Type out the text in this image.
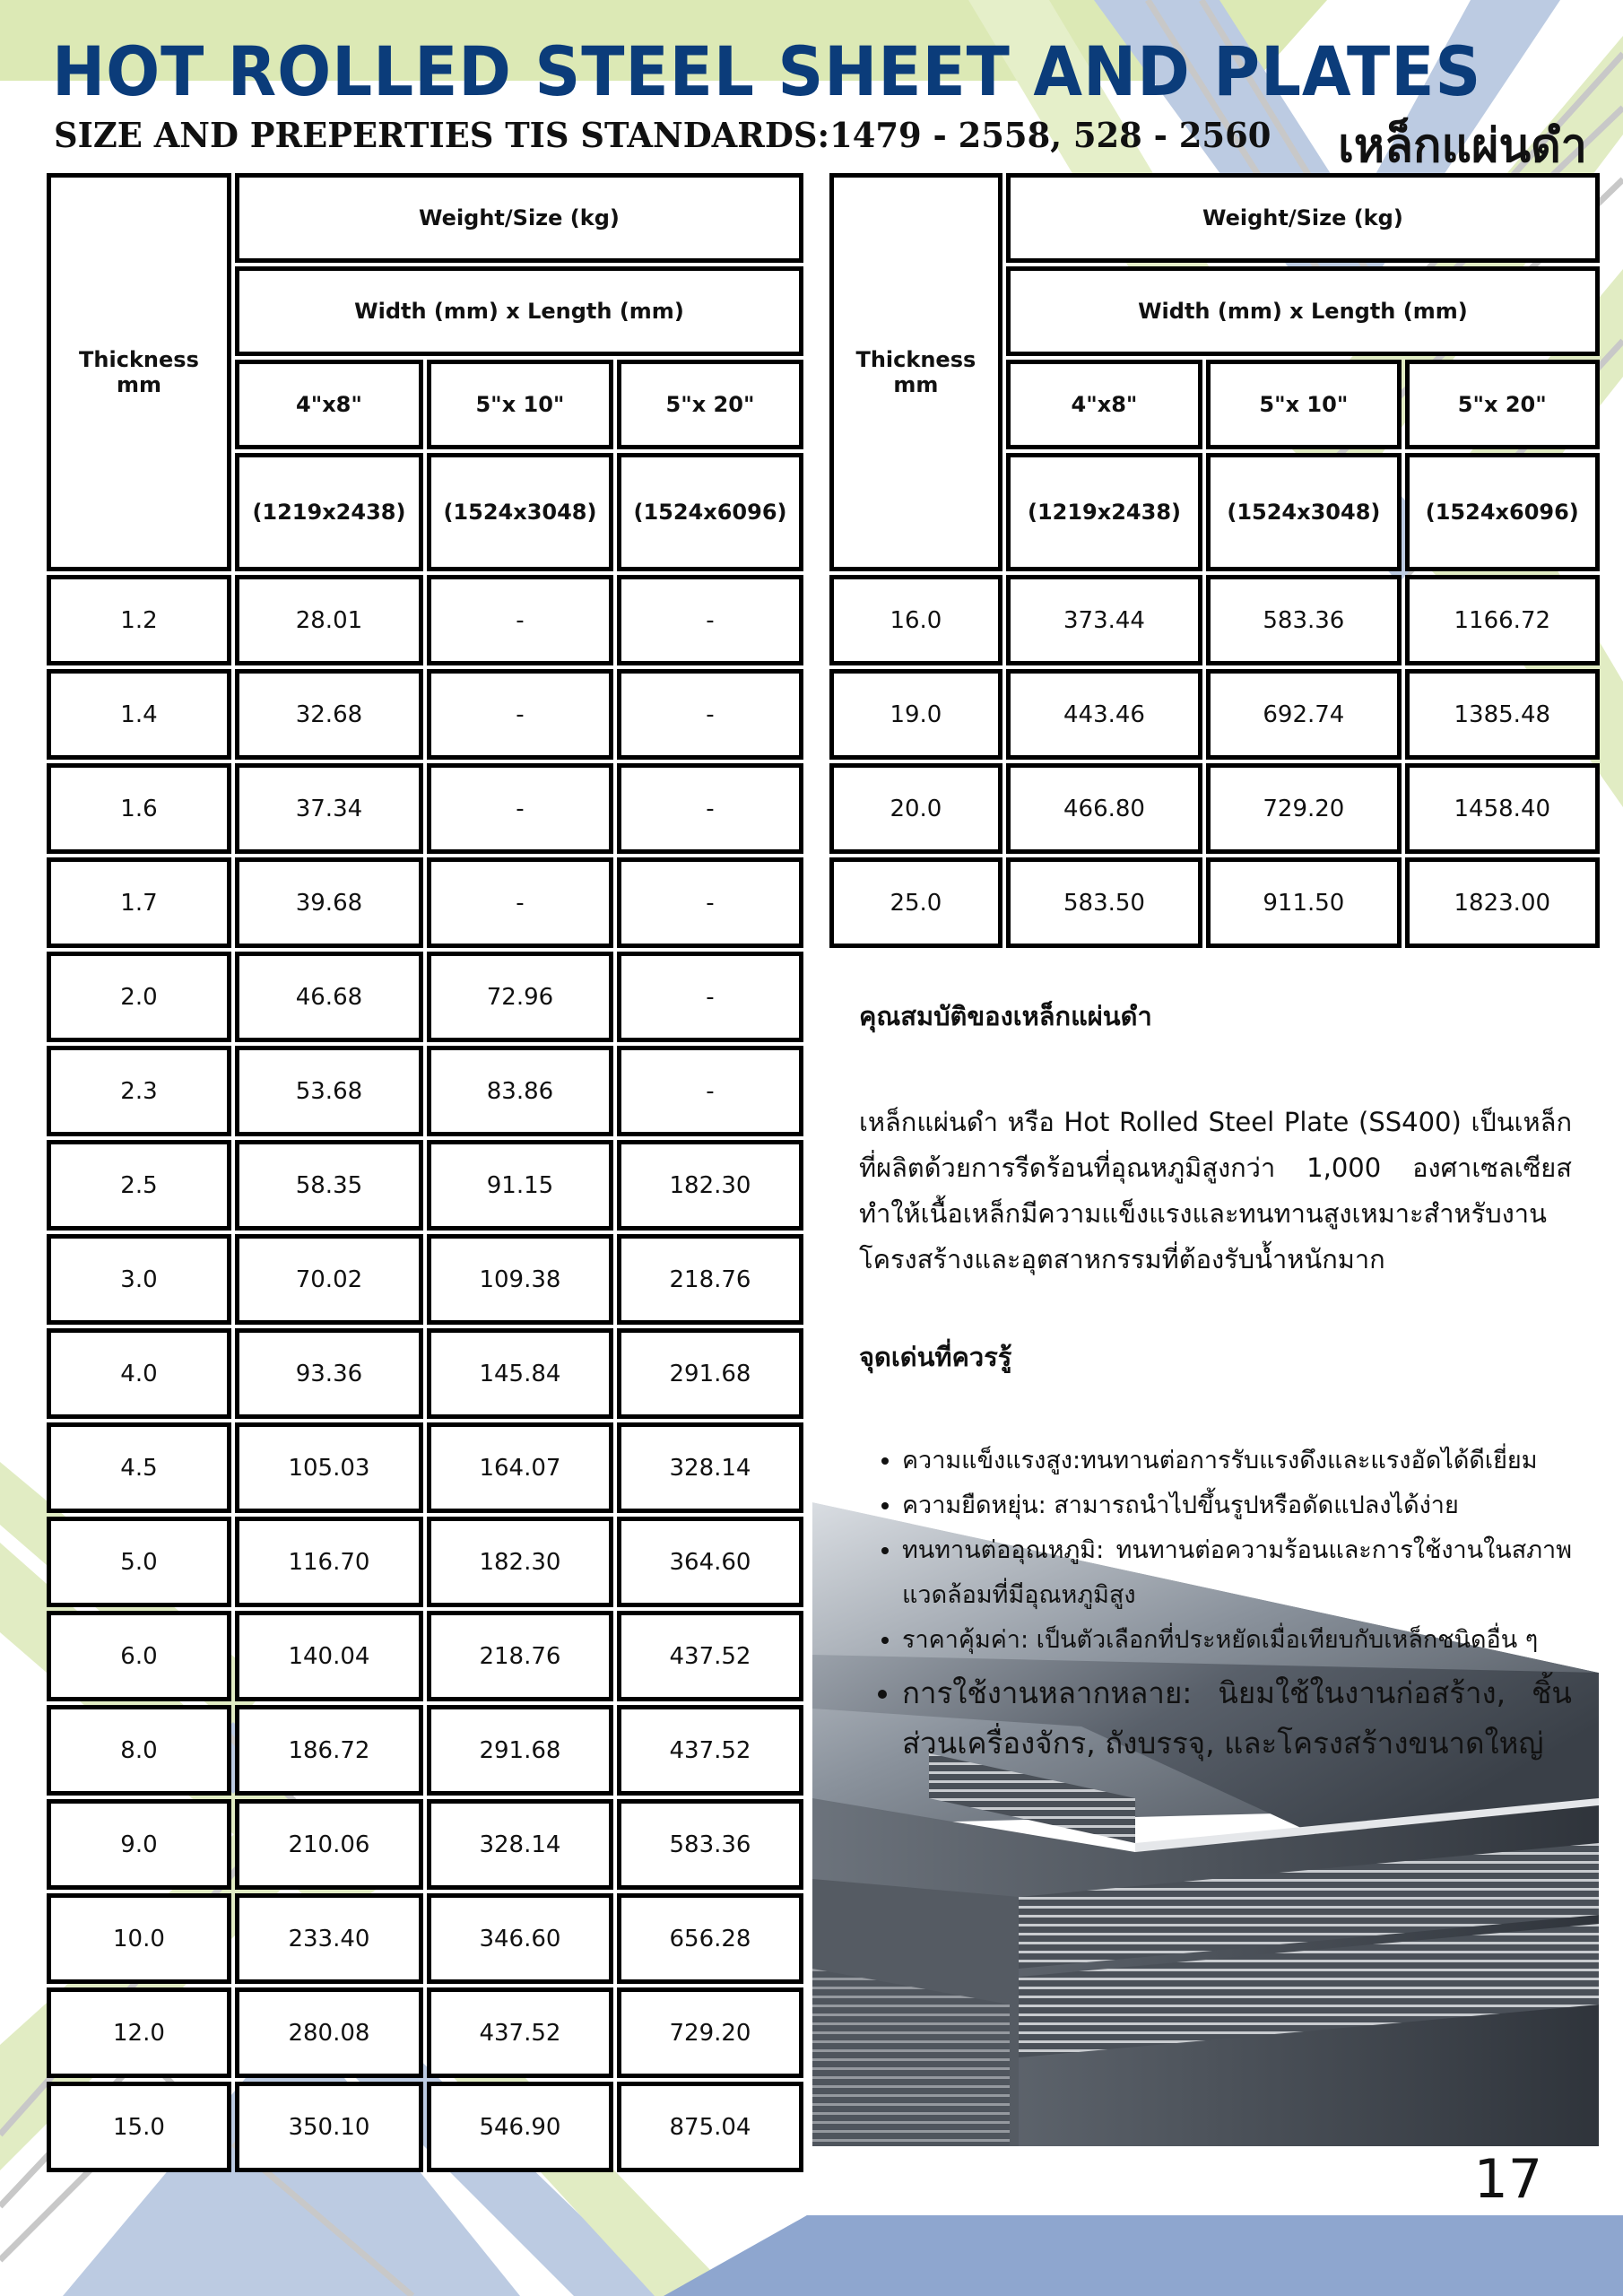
HOT ROLLED STEEL SHEET AND PLATES

SIZE AND PREPERTIES TIS STANDARDS:1479 - 2558, 528 - 2560 เหล็กแผ่นดำ
Thickness
mm	Weight/Size (kg)		
	Width (mm) x Length (mm)		
	4"x8"	5"x 10"	5"x 20"
	(1219x2438)	(1524x3048)	(1524x6096)
1.2	28.01	-	-
1.4	32.68	-	-
1.6	37.34	-	-
1.7	39.68	-	-
2.0	46.68	72.96	-
2.3	53.68	83.86	-
2.5	58.35	91.15	182.30
3.0	70.02	109.38	218.76
4.0	93.36	145.84	291.68
4.5	105.03	164.07	328.14
5.0	116.70	182.30	364.60
6.0	140.04	218.76	437.52
8.0	186.72	291.68	437.52
9.0	210.06	328.14	583.36
10.0	233.40	346.60	656.28
12.0	280.08	437.52	729.20
15.0	350.10	546.90	875.04
Thickness
mm	Weight/Size (kg)		
	Width (mm) x Length (mm)		
	4"x8"	5"x 10"	5"x 20"
	(1219x2438)	(1524x3048)	(1524x6096)
16.0	373.44	583.36	1166.72
19.0	443.46	692.74	1385.48
20.0	466.80	729.20	1458.40
25.0	583.50	911.50	1823.00
คุณสมบัติของเหล็กแผ่นดำ

เหล็กแผ่นดำ หรือ Hot Rolled Steel Plate (SS400) เป็นเหล็กที่ผลิตด้วยการรีดร้อนที่อุณหภูมิสูงกว่า 1,000 องศาเซลเซียส ทำให้เนื้อเหล็กมีความแข็งแรงและทนทานสูงเหมาะสำหรับงานโครงสร้างและอุตสาหกรรมที่ต้องรับน้ำหนักมาก

จุดเด่นที่ควรรู้
• ความแข็งแรงสูง:ทนทานต่อการรับแรงดึงและแรงอัดได้ดีเยี่ยม
• ความยืดหยุ่น: สามารถนำไปขึ้นรูปหรือดัดแปลงได้ง่าย
• ทนทานต่ออุณหภูมิ: ทนทานต่อความร้อนและการใช้งานในสภาพแวดล้อมที่มีอุณหภูมิสูง
• ราคาคุ้มค่า: เป็นตัวเลือกที่ประหยัดเมื่อเทียบกับเหล็กชนิดอื่น ๆ
• การใช้งานหลากหลาย: นิยมใช้ในงานก่อสร้าง, ชิ้นส่วนเครื่องจักร, ถังบรรจุ, และโครงสร้างขนาดใหญ่
17
